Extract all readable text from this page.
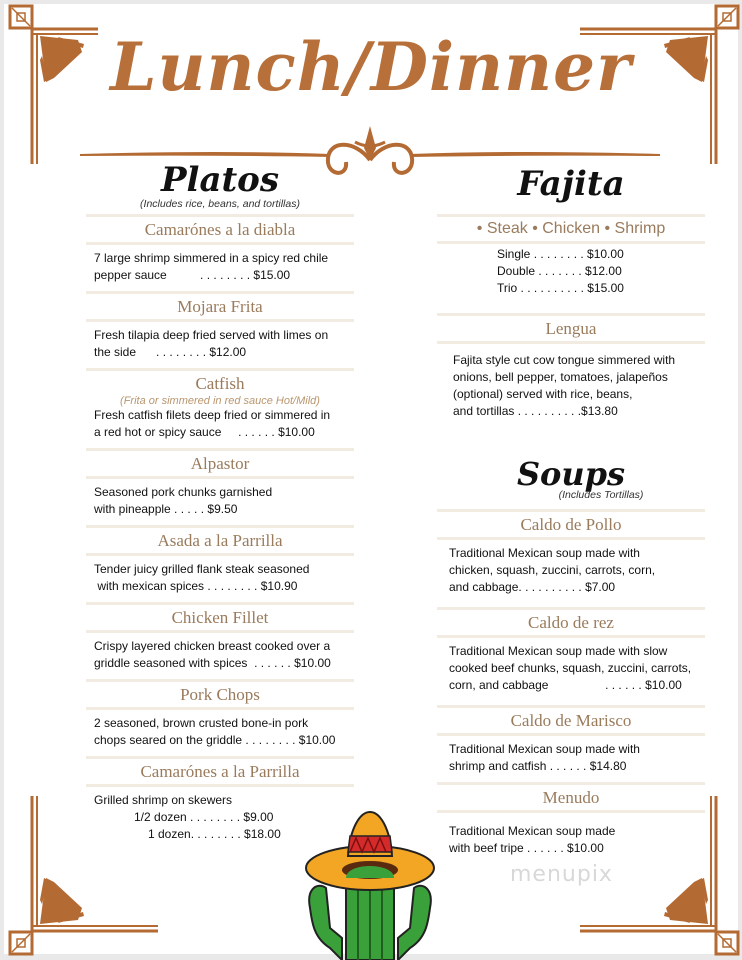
Lunch/Dinner
Platos
(Includes rice, beans, and tortillas)
Camarónes a la diabla
7 large shrimp simmered in a spicy red chile
pepper sauce          . . . . . . . . $15.00
Mojara Frita
Fresh tilapia deep fried served with limes on
the side      . . . . . . . . $12.00
Catfish
(Frita or simmered in red sauce Hot/Mild)
Fresh catfish filets deep fried or simmered in
a red hot or spicy sauce     . . . . . . $10.00
Alpastor
Seasoned pork chunks garnished
with pineapple . . . . . $9.50
Asada a la Parrilla
Tender juicy grilled flank steak seasoned
with mexican spices . . . . . . . . $10.90
Chicken Fillet
Crispy layered chicken breast cooked over a
griddle seasoned with spices  . . . . . . $10.00
Pork Chops
2 seasoned, brown crusted bone-in pork
chops seared on the griddle . . . . . . . . $10.00
Camarónes a la Parrilla
Grilled shrimp on skewers
1/2 dozen . . . . . . . . $9.00
1 dozen. . . . . . . . $18.00
Fajita
• Steak • Chicken • Shrimp
Single . . . . . . . . $10.00
Double . . . . . . . $12.00
Trio . . . . . . . . . . $15.00
Lengua
Fajita style cut cow tongue simmered with
onions, bell pepper, tomatoes, jalapeños
(optional) served with rice, beans,
and tortillas . . . . . . . . . .$13.80
Soups
(Includes Tortillas)
Caldo de Pollo
Traditional Mexican soup made with
chicken, squash, zuccini, carrots, corn,
and cabbage. . . . . . . . . . $7.00
Caldo de rez
Traditional Mexican soup made with slow
cooked beef chunks, squash, zuccini, carrots,
corn, and cabbage                 . . . . . . $10.00
Caldo de Marisco
Traditional Mexican soup made with
shrimp and catfish . . . . . . $14.80
Menudo
Traditional Mexican soup made
with beef tripe . . . . . . $10.00
menupix
